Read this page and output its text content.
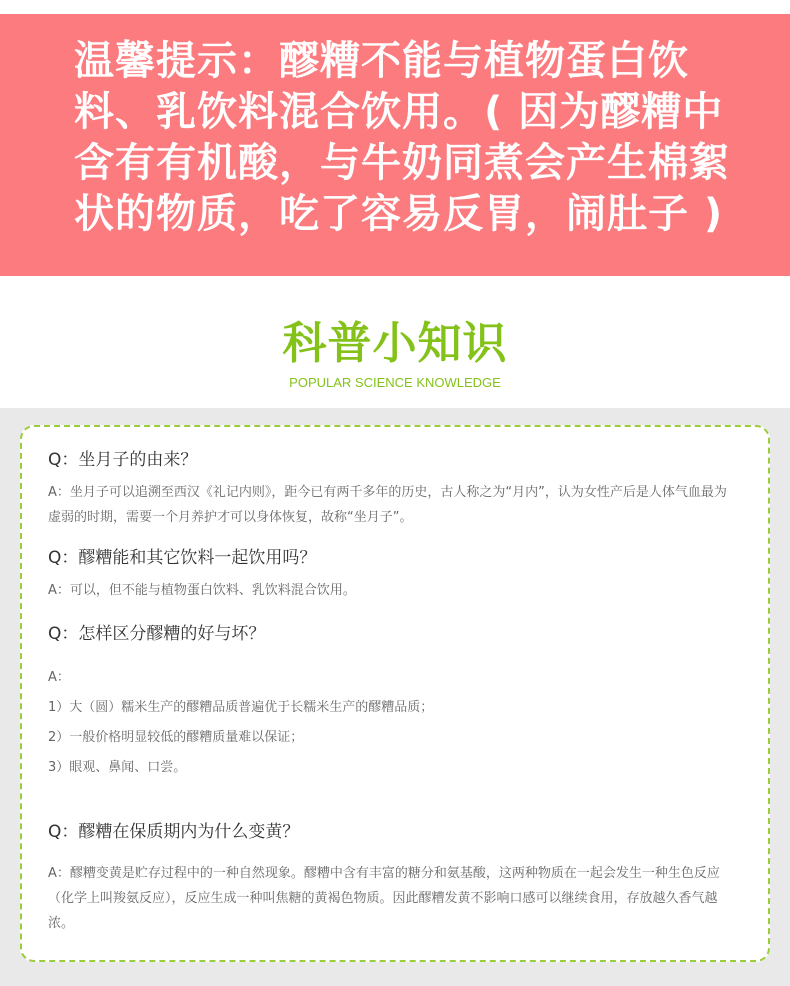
温馨提示：醪糟不能与植物蛋白饮料、乳饮料混合饮用。( 因为醪糟中含有有机酸，与牛奶同煮会产生棉絮状的物质，吃了容易反胃，闹肚子 )

科普小知识

POPULAR SCIENCE KNOWLEDGE

Q：坐月子的由来？

A：坐月子可以追溯至西汉《礼记内则》，距今已有两千多年的历史，古人称之为“月内”，认为女性产后是人体气血最为虚弱的时期，需要一个月养护才可以身体恢复，故称“坐月子”。

Q：醪糟能和其它饮料一起饮用吗？

A：可以，但不能与植物蛋白饮料、乳饮料混合饮用。

Q：怎样区分醪糟的好与坏？

A：

1）大（圆）糯米生产的醪糟品质普遍优于长糯米生产的醪糟品质；

2）一般价格明显较低的醪糟质量难以保证；

3）眼观、鼻闻、口尝。

Q：醪糟在保质期内为什么变黄？

A：醪糟变黄是贮存过程中的一种自然现象。醪糟中含有丰富的糖分和氨基酸，这两种物质在一起会发生一种生色反应（化学上叫羧氨反应），反应生成一种叫焦糖的黄褐色物质。因此醪糟发黄不影响口感可以继续食用，存放越久香气越浓。
